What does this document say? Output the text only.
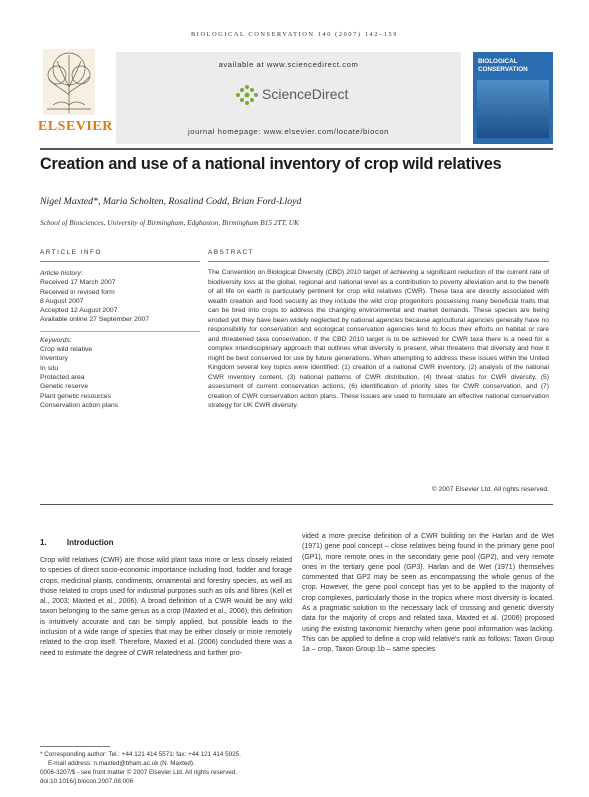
BIOLOGICAL CONSERVATION 140 (2007) 142–159
ELSEVIER
available at www.sciencedirect.com
ScienceDirect
journal homepage: www.elsevier.com/locate/biocon
BIOLOGICAL
CONSERVATION
Creation and use of a national inventory of crop wild relatives
Nigel Maxted*, Maria Scholten, Rosalind Codd, Brian Ford-Lloyd
School of Biosciences, University of Birmingham, Edgbaston, Birmingham B15 2TT, UK
ARTICLE INFO
Article history:
Received 17 March 2007
Received in revised form
8 August 2007
Accepted 12 August 2007
Available online 27 September 2007
Keywords:
Crop wild relative
Inventory
In situ
Protected area
Genetic reserve
Plant genetic resources
Conservation action plans
ABSTRACT
The Convention on Biological Diversity (CBD) 2010 target of achieving a significant reduction of the current rate of biodiversity loss at the global, regional and national level as a contribution to poverty alleviation and to the benefit of all life on earth is particularly pertinent for crop wild relatives (CWR). These taxa are directly associated with wealth creation and food security as they include the wild crop progenitors possessing many beneficial traits that can be bred into crops to address the changing environmental and market demands. These species are being eroded yet they have been widely neglected by national agencies because agricultural agencies generally have no responsibility for conservation and ecological conservation agencies tend to focus their efforts on habitat or rare and threatened taxa conservation. If the CBD 2010 target is to be achieved for CWR taxa there is a need for a complex interdisciplinary approach that outlines what diversity is present, what threatens that diversity and how it might be best conserved for use by future generations. When attempting to address these issues within the United Kingdom several key topics were identified: (1) creation of a national CWR inventory, (2) analysis of the national CWR inventory content, (3) national patterns of CWR distribution, (4) threat status for CWR diversity, (5) assessment of current conservation actions, (6) identification of priority sites for CWR conservation, and (7) creation of CWR conservation action plans. These issues are used to formulate an effective national conservation strategy for UK CWR diversity.
© 2007 Elsevier Ltd. All rights reserved.
1.	Introduction
Crop wild relatives (CWR) are those wild plant taxa more or less closely related to species of direct socio-economic importance including food, fodder and forage crops, medicinal plants, condiments, ornamental and forestry species, as well as those related to crops used for industrial purposes such as oils and fibres (Kell et al., 2003; Maxted et al., 2006). A broad definition of a CWR would be any wild taxon belonging to the same genus as a crop (Maxted et al., 2006); this definition is intuitively accurate and can be simply applied, but possible leads to the inclusion of a wide range of species that may be either closely or more remotely related to the crop itself. Therefore, Maxted et al. (2006) concluded there was a need to estimate the degree of CWR relatedness and further pro-
vided a more precise definition of a CWR building on the Harlan and de Wet (1971) gene pool concept – close relatives being found in the primary gene pool (GP1), more remote ones in the secondary gene pool (GP2), and very remote ones in the tertiary gene pool (GP3). Harlan and de Wet (1971) themselves commented that GP2 may be seen as encompassing the whole genus of the crop. However, the gene pool concept has yet to be applied to the majority of crop complexes, particularly those in the tropics where most diversity is located. As a pragmatic solution to the necessary lack of crossing and genetic diversity data for the majority of crops and related taxa, Maxted et al. (2006) proposed using the existing taxonomic hierarchy when gene pool information was lacking. This can be applied to define a crop wild relative's rank as follows: Taxon Group 1a – crop, Taxon Group 1b – same species
* Corresponding author: Tel.: +44 121 414 5571; fax: +44 121 414 5925.
E-mail address: n.maxted@bham.ac.uk (N. Maxted).
0006-3207/$ - see front matter © 2007 Elsevier Ltd. All rights reserved.
doi:10.1016/j.biocon.2007.08.006
